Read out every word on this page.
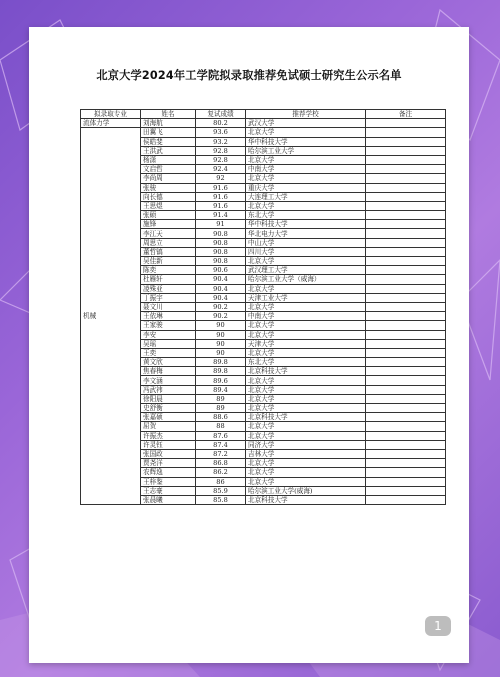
北京大学2024年工学院拟录取推荐免试硕士研究生公示名单
拟录取专业	姓名	复试成绩	推荐学校	备注
流体力学	刘海航	80.2	武汉大学	
机械	田翼飞	93.6	北京大学	
	侯皓斐	93.2	华中科技大学	
	王洪武	92.8	哈尔滨工业大学	
	杨潇	92.8	北京大学	
	文启哲	92.4	中南大学	
	李尚周	92	北京大学	
	张骏	91.6	重庆大学	
	向长德	91.6	大连理工大学	
	王思煜	91.6	北京大学	
	张硕	91.4	东北大学	
	施锋	91	华中科技大学	
	李江天	90.8	华北电力大学	
	周思立	90.8	中山大学	
	董哲镐	90.8	四川大学	
	吴佳新	90.8	北京大学	
	陈奕	90.6	武汉理工大学	
	杜雁轩	90.4	哈尔滨工业大学（威海）	
	凌殊亚	90.4	北京大学	
	丁振宇	90.4	天津工业大学	
	聂文川	90.2	北京大学	
	王依琳	90.2	中南大学	
	王家骏	90	北京大学	
	李安	90	北京大学	
	吴瑶	90	天津大学	
	王奕	90	北京大学	
	黄文欣	89.8	东北大学	
	焦春梅	89.8	北京科技大学	
	李文涵	89.6	北京大学	
	冯武祎	89.4	北京大学	
	徐阳晨	89	北京大学	
	史舒衡	89	北京大学	
	张嘉硕	88.6	北京科技大学	
	屈贺	88	北京大学	
	许振杰	87.6	北京大学	
	许灵钰	87.4	同济大学	
	张国政	87.2	吉林大学	
	贾尧洋	86.8	北京大学	
	农辉逸	86.2	北京大学	
	王梓鉴	86	北京大学	
	王志豪	85.9	哈尔滨工业大学(威海)	
	张晨曦	85.8	北京科技大学	
1
